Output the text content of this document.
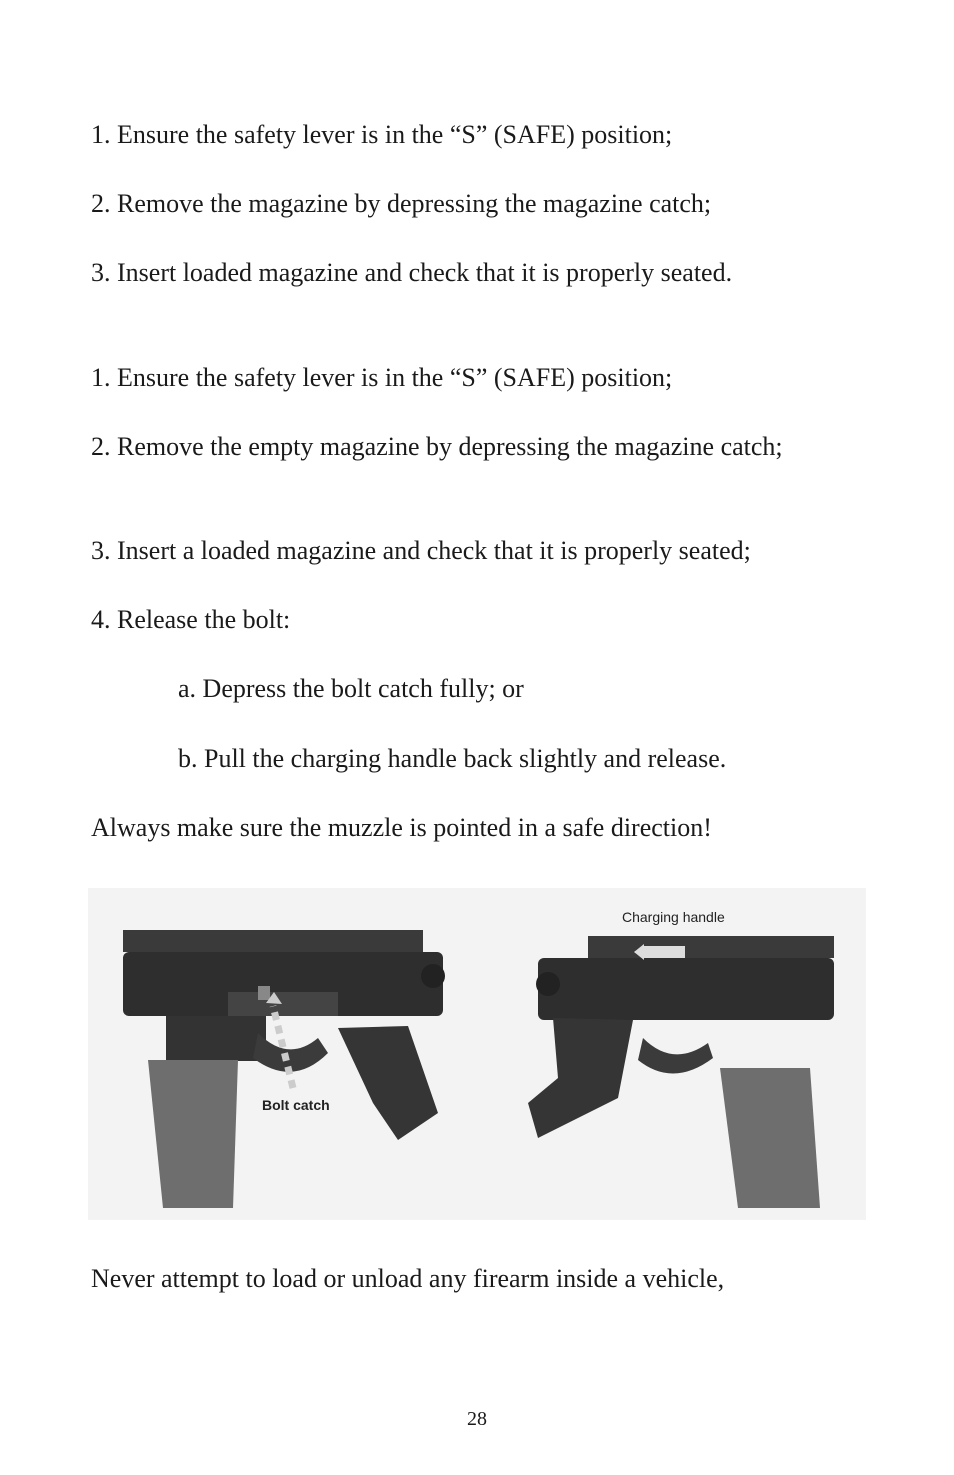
1. Ensure the safety lever is in the “S” (SAFE) position;
2. Remove the magazine by depressing the magazine catch;
3. Insert loaded magazine and check that it is properly seated.
1. Ensure the safety lever is in the “S” (SAFE) position;
2. Remove the empty magazine by depressing the magazine catch;
3. Insert a loaded magazine and check that it is properly seated;
4. Release the bolt:
a. Depress the bolt catch fully; or
b. Pull the charging handle back slightly and release.
Always make sure the muzzle is pointed in a safe direction!
Bolt catch
Charging handle
Never attempt to load or unload any firearm inside a vehicle,
28
